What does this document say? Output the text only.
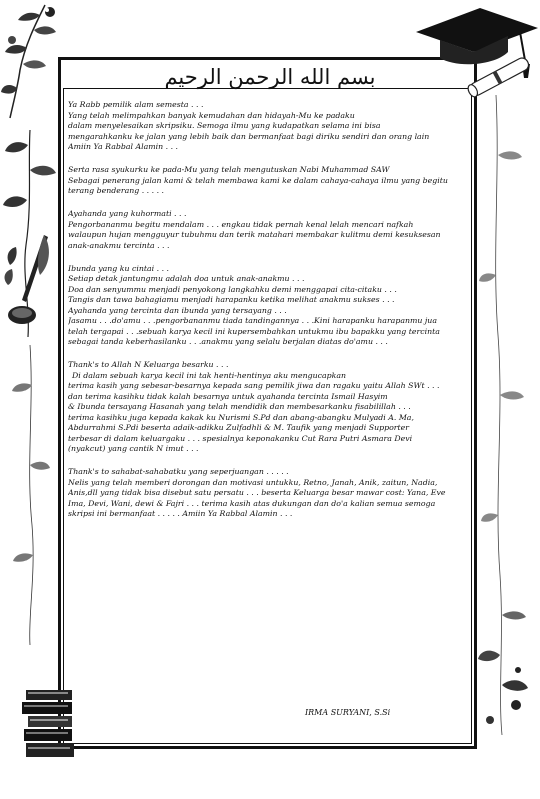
بسم الله الرحمن الرحيم
Ya Rabb pemilik alam semesta . . .
Yang telah melimpahkan banyak kemudahan dan hidayah-Mu ke padaku
dalam menyelesaikan skripsiku. Semoga ilmu yang kudapatkan selama ini bisa
mengarahkanku ke jalan yang lebih baik dan bermanfaat bagi diriku sendiri dan orang lain
Amiin Ya Rabbal Alamin . . .
Serta rasa syukurku ke pada-Mu yang telah mengutuskan Nabi Muhammad SAW
Sebagai penerang jalan kami & telah membawa kami ke dalam cahaya-cahaya ilmu yang begitu
terang benderang . . . . .
Ayahanda yang kuhormati . . .
Pengorbananmu begitu mendalam . . . engkau tidak pernah kenal lelah mencari nafkah
walaupun hujan mengguyur tubuhmu dan terik matahari membakar kulitmu demi kesuksesan
anak-anakmu tercinta . . .
Ibunda yang ku cintai . . .
Setiap detak jantungmu adalah doa untuk anak-anakmu . . .
Doa dan senyummu menjadi penyokong langkahku demi menggapai cita-citaku . . .
Tangis dan tawa bahagiamu menjadi harapanku ketika melihat anakmu sukses . . .
Ayahanda yang tercinta dan ibunda yang tersayang . . .
Jasamu . . .do'amu . . .pengorbananmu tiada tandingannya . . .Kini harapanku harapanmu jua
telah tergapai . . .sebuah karya kecil ini kupersembahkan untukmu ibu bapakku yang tercinta
sebagai tanda keberhasilanku . . .anakmu yang selalu berjalan diatas do'amu . . .
Thank's to Allah N Keluarga besarku . . .
Di dalam sebuah karya kecil ini tak henti-hentinya aku mengucapkan
terima kasih yang sebesar-besarnya kepada sang pemilik jiwa dan ragaku yaitu Allah SWt . . .
dan terima kasihku tidak kalah besarnya untuk ayahanda tercinta Ismail Hasyim
& Ibunda tersayang Hasanah yang telah mendidik dan membesarkanku fisabilillah . . .
terima kasihku juga kepada kakak ku Nurismi S.Pd dan abang-abangku Mulyadi A. Ma,
Abdurrahmi S.Pdi beserta adaik-adikku Zulfadhli & M. Taufik yang menjadi Supporter
terbesar di dalam keluargaku . . . spesialnya keponakanku Cut Rara Putri Asmara Devi
(nyakcut) yang cantik N imut . . .
Thank's to sahabat-sahabatku yang seperjuangan . . . . .
Nelis yang telah memberi dorongan dan motivasi untukku, Retno, Janah, Anik, zaitun, Nadia,
Anis,dll yang tidak bisa disebut satu persatu . . . beserta Keluarga besar mawar cost: Yana, Eve
Ima, Devi, Wani, dewi & Fajri . . . terima kasih atas dukungan dan do'a kalian semua semoga
skripsi ini bermanfaat . . . . . Amiin Ya Rabbal Alamin . . .
IRMA SURYANI, S.Si
